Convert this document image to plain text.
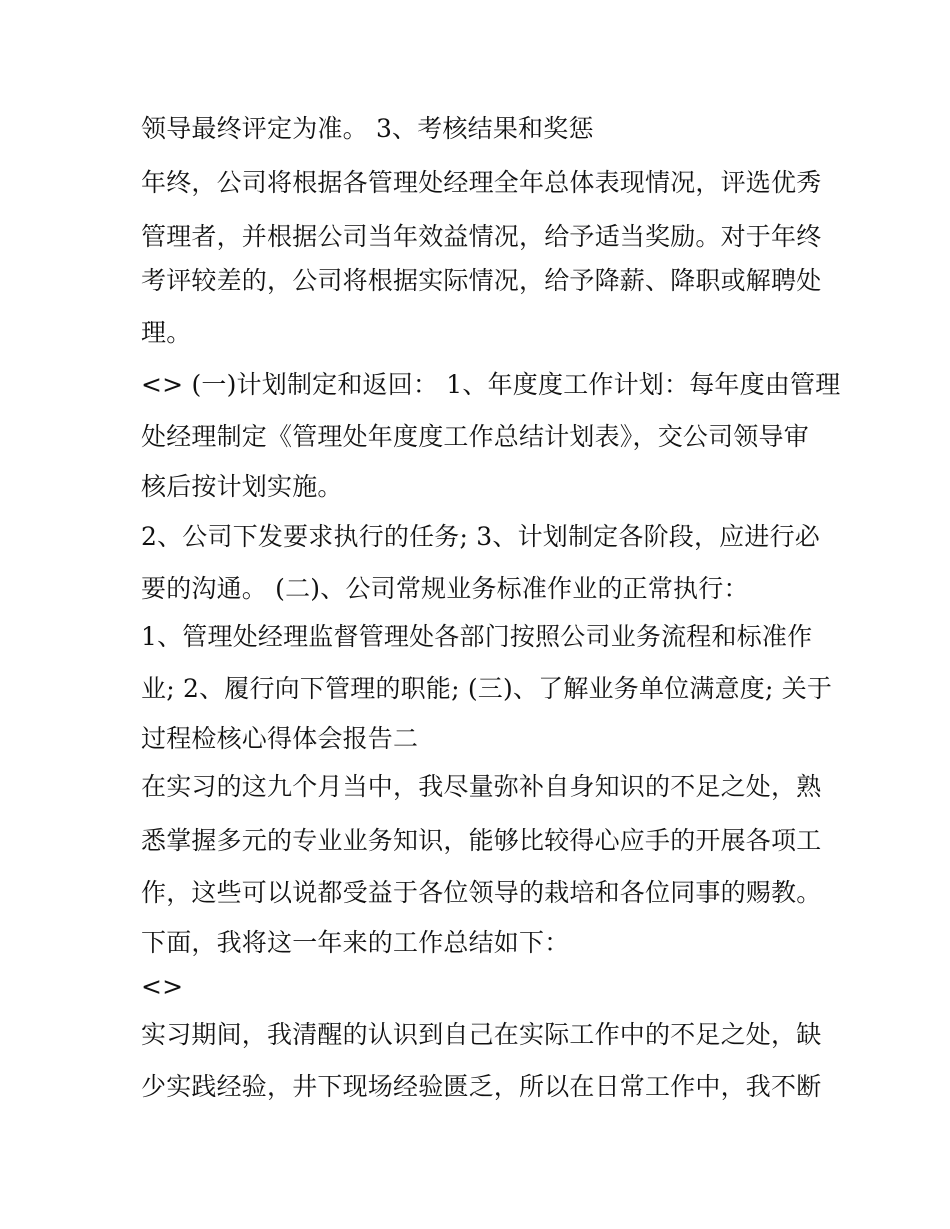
领导最终评定为准。 3、考核结果和奖惩
年终，公司将根据各管理处经理全年总体表现情况，评选优秀
管理者，并根据公司当年效益情况，给予适当奖励。对于年终
考评较差的，公司将根据实际情况，给予降薪、降职或解聘处
理。
<> (一)计划制定和返回： 1、年度度工作计划：每年度由管理
处经理制定《管理处年度度工作总结计划表》，交公司领导审
核后按计划实施。
2、公司下发要求执行的任务; 3、计划制定各阶段，应进行必
要的沟通。 (二)、公司常规业务标准作业的正常执行：
1、管理处经理监督管理处各部门按照公司业务流程和标准作
业; 2、履行向下管理的职能; (三)、了解业务单位满意度; 关于
过程检核心得体会报告二
在实习的这九个月当中，我尽量弥补自身知识的不足之处，熟
悉掌握多元的专业业务知识，能够比较得心应手的开展各项工
作，这些可以说都受益于各位领导的栽培和各位同事的赐教。
下面，我将这一年来的工作总结如下：
<>
实习期间，我清醒的认识到自己在实际工作中的不足之处，缺
少实践经验，井下现场经验匮乏，所以在日常工作中，我不断
